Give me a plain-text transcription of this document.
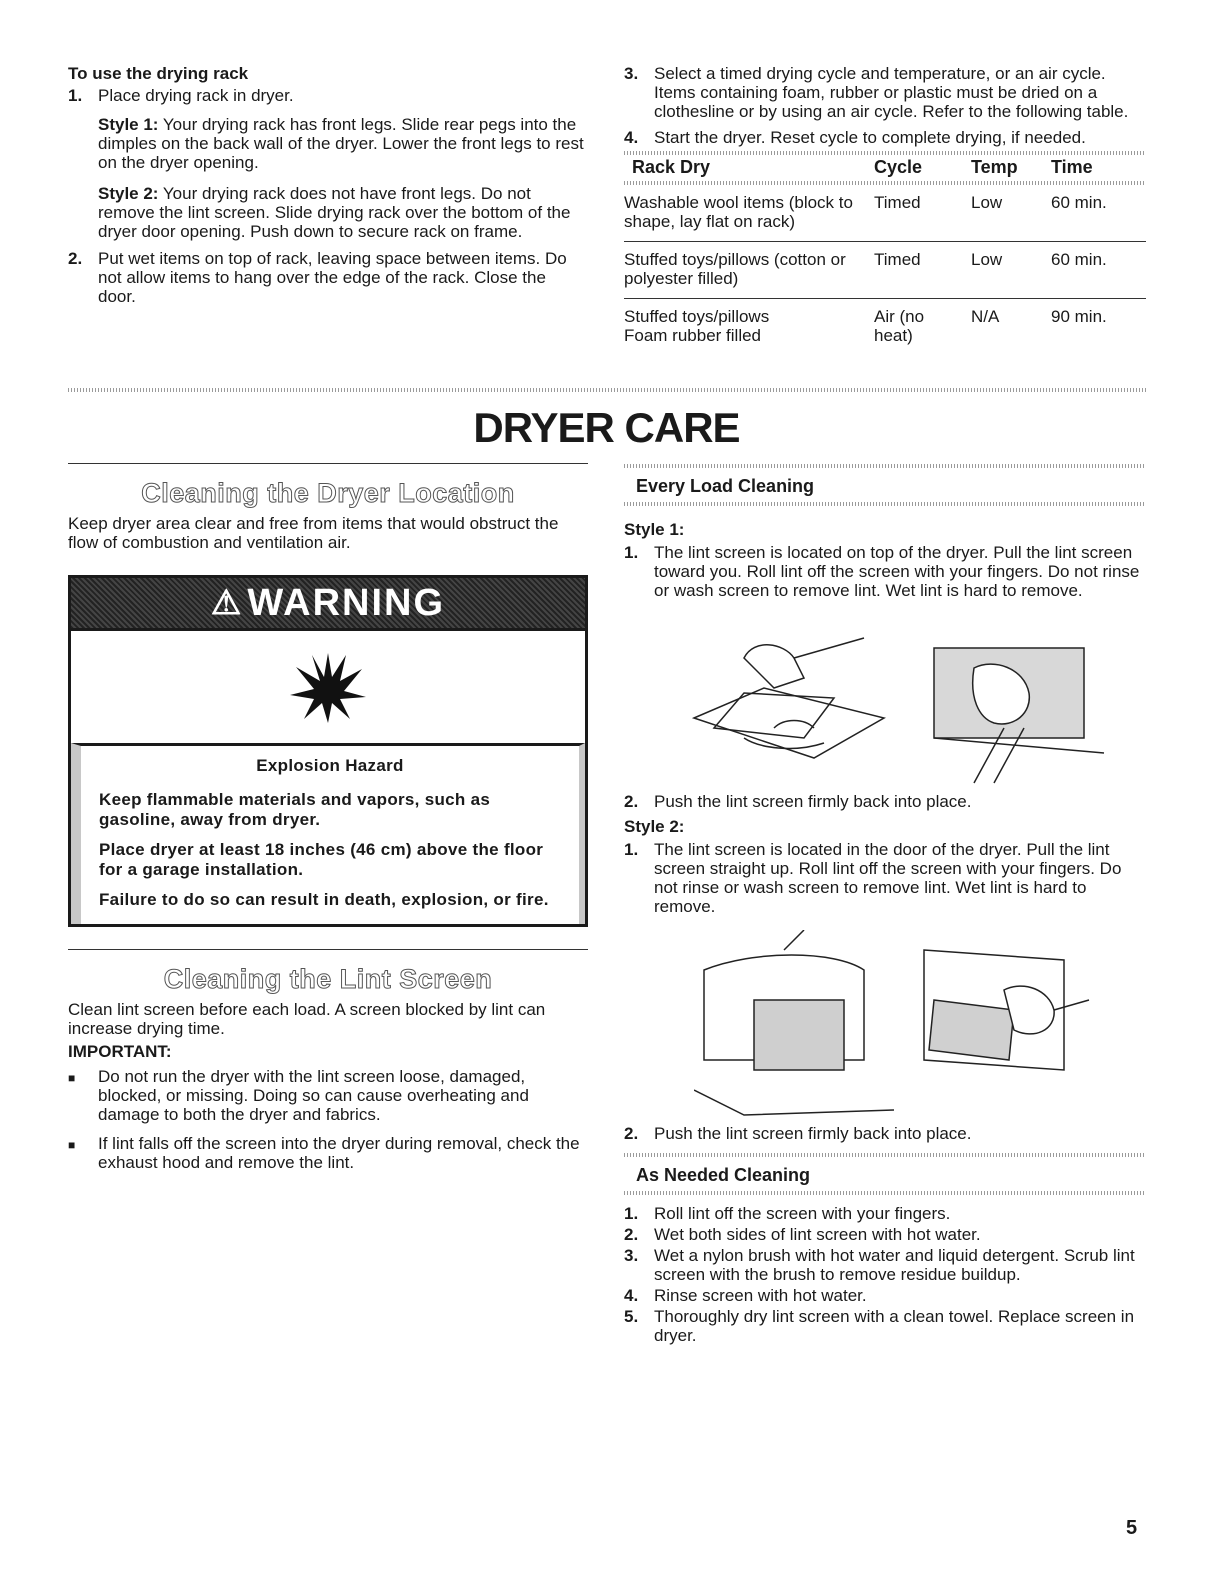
To use the drying rack

1. Place drying rack in dryer.

Style 1: Your drying rack has front legs. Slide rear pegs into the dimples on the back wall of the dryer. Lower the front legs to rest on the dryer opening.

Style 2: Your drying rack does not have front legs. Do not remove the lint screen. Slide drying rack over the bottom of the dryer door opening. Push down to secure rack on frame.

2. Put wet items on top of rack, leaving space between items. Do not allow items to hang over the edge of the rack. Close the door.
3. Select a timed drying cycle and temperature, or an air cycle. Items containing foam, rubber or plastic must be dried on a clothesline or by using an air cycle. Refer to the following table.
4. Start the dryer. Reset cycle to complete drying, if needed.
Rack Dry	Cycle	Temp	Time

Washable wool items (block to shape, lay flat on rack)	Timed	Low	60 min.
Stuffed toys/pillows (cotton or polyester filled)	Timed	Low	60 min.
Stuffed toys/pillows Foam rubber filled	Air (no heat)	N/A	90 min.
DRYER CARE
Cleaning the Dryer Location

Keep dryer area clear and free from items that would obstruct the flow of combustion and ventilation air.

⚠ WARNING

Explosion Hazard

Keep flammable materials and vapors, such as gasoline, away from dryer.

Place dryer at least 18 inches (46 cm) above the floor for a garage installation.

Failure to do so can result in death, explosion, or fire.

Cleaning the Lint Screen

Clean lint screen before each load. A screen blocked by lint can increase drying time.

IMPORTANT:

■	Do not run the dryer with the lint screen loose, damaged, blocked, or missing. Doing so can cause overheating and damage to both the dryer and fabrics.
■	If lint falls off the screen into the dryer during removal, check the exhaust hood and remove the lint.
Every Load Cleaning

Style 1:

1. The lint screen is located on top of the dryer. Pull the lint screen toward you. Roll lint off the screen with your fingers. Do not rinse or wash screen to remove lint. Wet lint is hard to remove.
2. Push the lint screen firmly back into place.

Style 2:

1. The lint screen is located in the door of the dryer. Pull the lint screen straight up. Roll lint off the screen with your fingers. Do not rinse or wash screen to remove lint. Wet lint is hard to remove.
2. Push the lint screen firmly back into place.
As Needed Cleaning
1. Roll lint off the screen with your fingers.
2. Wet both sides of lint screen with hot water.
3. Wet a nylon brush with hot water and liquid detergent. Scrub lint screen with the brush to remove residue buildup.
4. Rinse screen with hot water.
5. Thoroughly dry lint screen with a clean towel. Replace screen in dryer.
5
